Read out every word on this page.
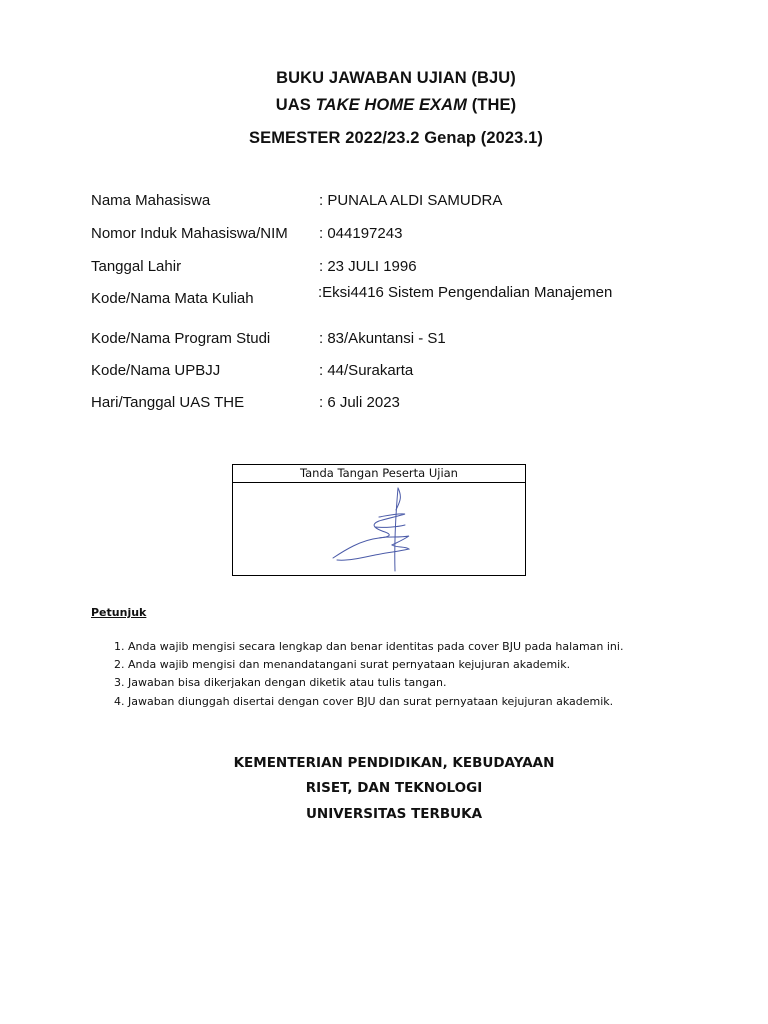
BUKU JAWABAN UJIAN (BJU)
UAS TAKE HOME EXAM (THE)
SEMESTER 2022/23.2 Genap (2023.1)
Nama Mahasiswa	: PUNALA ALDI SAMUDRA
Nomor Induk Mahasiswa/NIM : 044197243
Tanggal Lahir	: 23 JULI 1996
Kode/Nama Mata Kuliah	:Eksi4416 Sistem Pengendalian Manajemen
Kode/Nama Program Studi	: 83/Akuntansi - S1
Kode/Nama UPBJJ	: 44/Surakarta
Hari/Tanggal UAS THE	: 6 Juli 2023
Tanda Tangan Peserta Ujian
Petunjuk
1. Anda wajib mengisi secara lengkap dan benar identitas pada cover BJU pada halaman ini.
2. Anda wajib mengisi dan menandatangani surat pernyataan kejujuran akademik.
3. Jawaban bisa dikerjakan dengan diketik atau tulis tangan.
4. Jawaban diunggah disertai dengan cover BJU dan surat pernyataan kejujuran akademik.
KEMENTERIAN PENDIDIKAN, KEBUDAYAAN
RISET, DAN TEKNOLOGI
UNIVERSITAS TERBUKA
